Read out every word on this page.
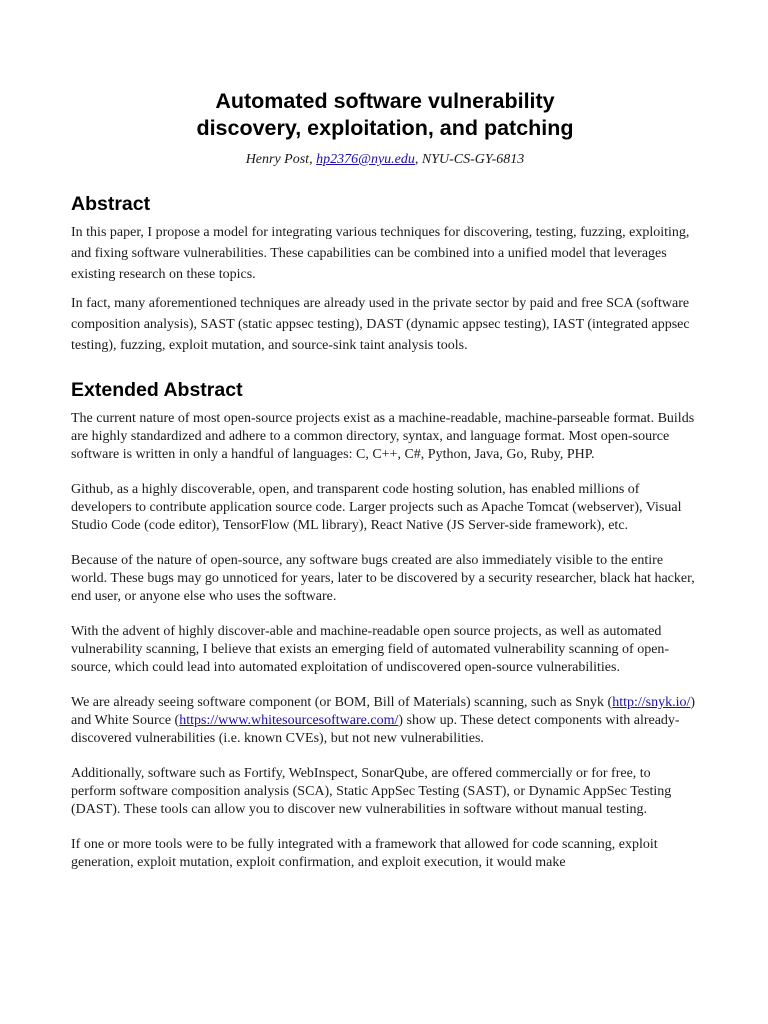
Automated software vulnerability
discovery, exploitation, and patching

Henry Post, hp2376@nyu.edu, NYU-CS-GY-6813

Abstract

In this paper, I propose a model for integrating various techniques for discovering, testing, fuzzing, exploiting, and fixing software vulnerabilities. These capabilities can be combined into a unified model that leverages existing research on these topics.

In fact, many aforementioned techniques are already used in the private sector by paid and free SCA (software composition analysis), SAST (static appsec testing), DAST (dynamic appsec testing), IAST (integrated appsec testing), fuzzing, exploit mutation, and source-sink taint analysis tools.

Extended Abstract

The current nature of most open-source projects exist as a machine-readable, machine-parseable format. Builds are highly standardized and adhere to a common directory, syntax, and language format. Most open-source software is written in only a handful of languages: C, C++, C#, Python, Java, Go, Ruby, PHP.

Github, as a highly discoverable, open, and transparent code hosting solution, has enabled millions of developers to contribute application source code. Larger projects such as Apache Tomcat (webserver), Visual Studio Code (code editor), TensorFlow (ML library), React Native (JS Server-side framework), etc.

Because of the nature of open-source, any software bugs created are also immediately visible to the entire world. These bugs may go unnoticed for years, later to be discovered by a security researcher, black hat hacker, end user, or anyone else who uses the software.

With the advent of highly discover-able and machine-readable open source projects, as well as automated vulnerability scanning, I believe that exists an emerging field of automated vulnerability scanning of open-source, which could lead into automated exploitation of undiscovered open-source vulnerabilities.

We are already seeing software component (or BOM, Bill of Materials) scanning, such as Snyk (http://snyk.io/) and White Source (https://www.whitesourcesoftware.com/) show up. These detect components with already-discovered vulnerabilities (i.e. known CVEs), but not new vulnerabilities.

Additionally, software such as Fortify, WebInspect, SonarQube, are offered commercially or for free, to perform software composition analysis (SCA), Static AppSec Testing (SAST), or Dynamic AppSec Testing (DAST). These tools can allow you to discover new vulnerabilities in software without manual testing.

If one or more tools were to be fully integrated with a framework that allowed for code scanning, exploit generation, exploit mutation, exploit confirmation, and exploit execution, it would make
